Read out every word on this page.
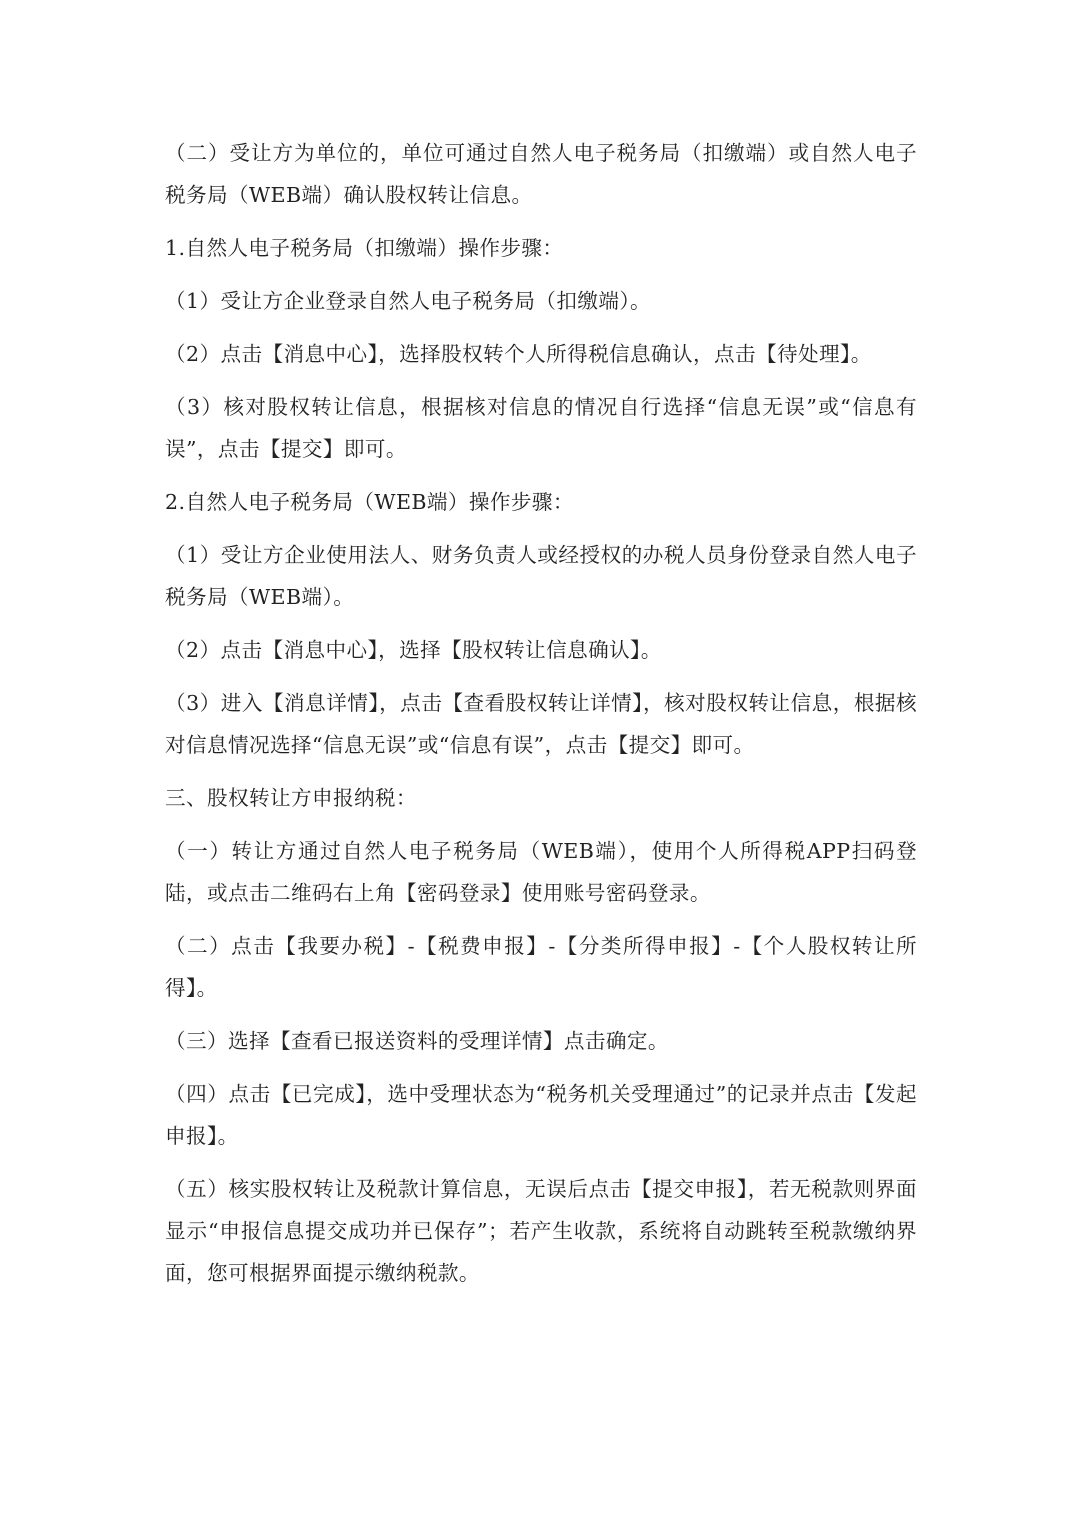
（二）受让方为单位的，单位可通过自然人电子税务局（扣缴端）或自然人电子税务局（WEB端）确认股权转让信息。

1.自然人电子税务局（扣缴端）操作步骤：

（1）受让方企业登录自然人电子税务局（扣缴端）。

（2）点击【消息中心】，选择股权转个人所得税信息确认，点击【待处理】。

（3）核对股权转让信息，根据核对信息的情况自行选择“信息无误”或“信息有误”，点击【提交】即可。

2.自然人电子税务局（WEB端）操作步骤：

（1）受让方企业使用法人、财务负责人或经授权的办税人员身份登录自然人电子税务局（WEB端）。

（2）点击【消息中心】，选择【股权转让信息确认】。

（3）进入【消息详情】，点击【查看股权转让详情】，核对股权转让信息，根据核对信息情况选择“信息无误”或“信息有误”，点击【提交】即可。

三、股权转让方申报纳税：

（一）转让方通过自然人电子税务局（WEB端），使用个人所得税APP扫码登陆，或点击二维码右上角【密码登录】使用账号密码登录。

（二）点击【我要办税】-【税费申报】-【分类所得申报】-【个人股权转让所得】。

（三）选择【查看已报送资料的受理详情】点击确定。

（四）点击【已完成】，选中受理状态为“税务机关受理通过”的记录并点击【发起申报】。

（五）核实股权转让及税款计算信息，无误后点击【提交申报】，若无税款则界面显示“申报信息提交成功并已保存”；若产生收款，系统将自动跳转至税款缴纳界面，您可根据界面提示缴纳税款。
